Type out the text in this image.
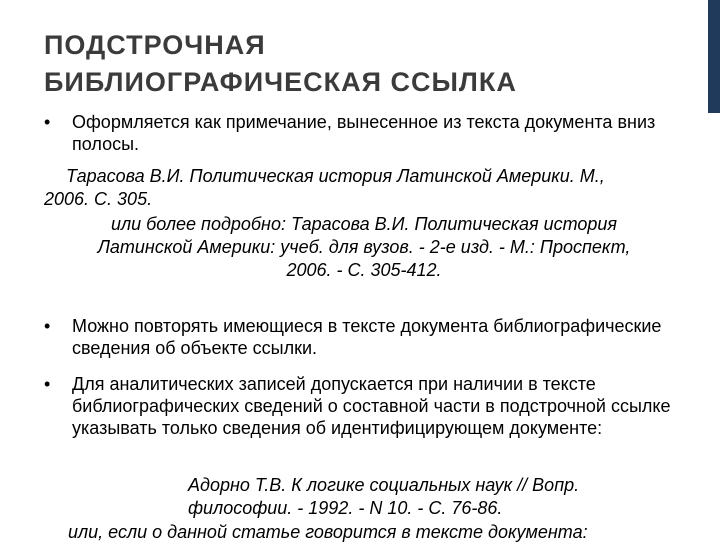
ПОДСТРОЧНАЯ
БИБЛИОГРАФИЧЕСКАЯ ССЫЛКА
•	Оформляется как примечание, вынесенное из текста документа вниз полосы.
Тарасова В.И. Политическая история Латинской Америки. М.,
2006. С. 305.
или более подробно: Тарасова В.И. Политическая история
Латинской Америки: учеб. для вузов. - 2-е изд. - М.: Проспект,
2006. - С. 305-412.
•	Можно повторять имеющиеся в тексте документа библиографические сведения об объекте ссылки.
•	Для аналитических записей допускается при наличии в тексте библиографических сведений о составной части в подстрочной ссылке указывать только сведения об идентифицирующем документе:
Адорно Т.В. К логике социальных наук // Вопр.
философии. - 1992. - N 10. - С. 76-86.
или, если о данной статье говорится в тексте документа:
